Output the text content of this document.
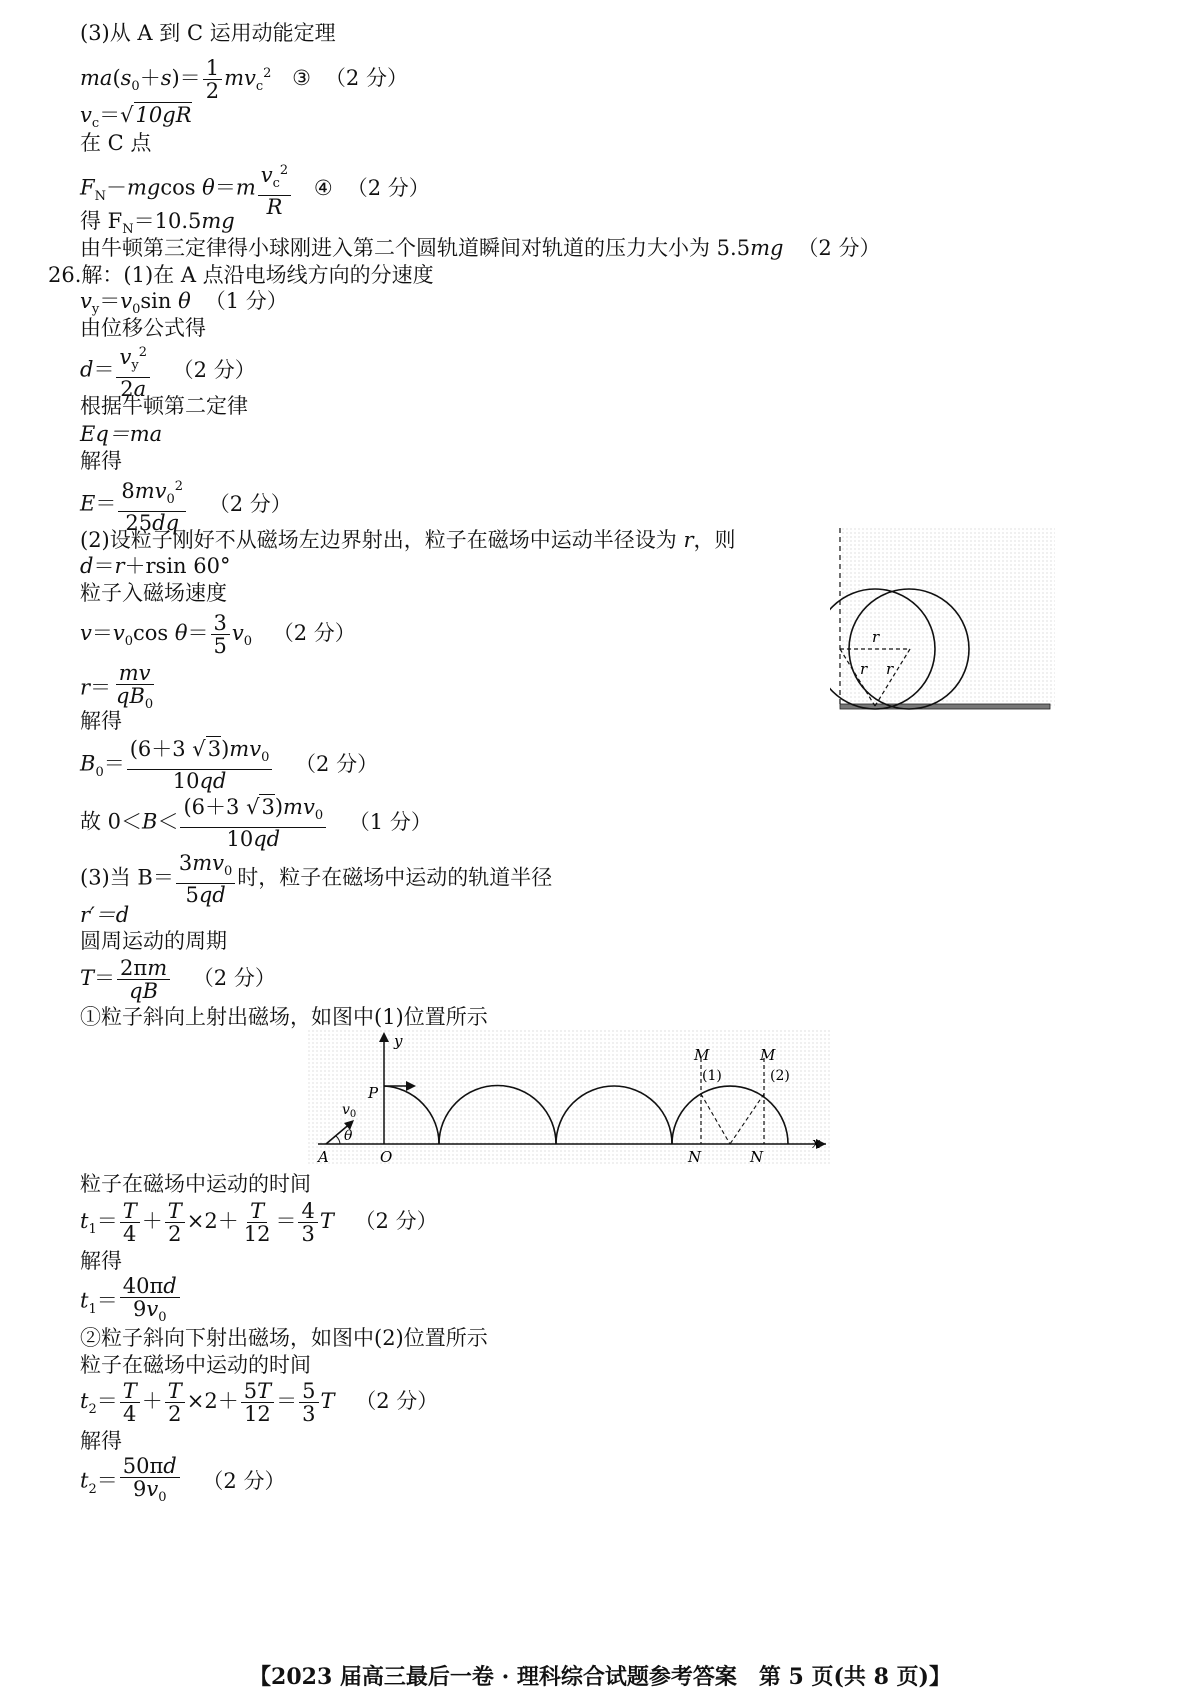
(3)从 A 到 C 运用动能定理
$ma(s_0+s)= \frac{1}{2} mv_c^2$ ③ （2 分）
$v_c=√10gR$
在 C 点
$F_N-mgcos$ $\theta=m \frac{v_c^2}{R}$ ④ （2 分）
得 $F_N=10.5mg$
由牛顿第三定律得小球刚进入第二个圆轨道瞬间对轨道的压力大小为 5.5mg （2 分）
26.解：(1)在 A 点沿电场线方向的分速度
$v_y=v_0\sin$ θ （1 分）
由位移公式得
$d= \frac{v_y^2}{2a} (2$ 分）
根据牛顿第二定律
Eq＝ma
解得
$E= \frac{8mv_0^2}{25dq} (2$ 分）
(2)设粒子刚好不从磁场左边界射出，粒子在磁场中运动半径设为 r，则
d＝r＋rsin 60°
粒子入磁场速度
$v=v_0\cos$ $\theta= \frac{3}{5} v_0$ （2 分）
$r= \frac{mv}{qB_0}$
解得
$B_0= \frac{(6+3 √3)mv_0}{10qd} (2$ 分）
故 $0<B< \frac{(6+3 √3)mv_0}{10qd} (1$ 分）
(3)当 $B= \frac{3mv_0}{5qd}$ 时，粒子在磁场中运动的轨道半径
r′＝d
圆周运动的周期
$T= \frac{2\pi m}{qB} (2$ 分）
①粒子斜向上射出磁场，如图中(1)位置所示
粒子在磁场中运动的时间
$t_1= \frac{T}{4} + \frac{T}{2} \times 2+ \frac{T}{12} = \frac{4}{3}$ T （2 分）
解得
$t_1= \frac{40\pi d}{9v_0}$
②粒子斜向下射出磁场，如图中(2)位置所示
粒子在磁场中运动的时间
$t_2= \frac{T}{4} + \frac{T}{2} \times 2+ \frac{5T}{12} = \frac{5}{3}$ T （2 分）
解得
$t_2= \frac{50\pi d}{9v_0} (2$ 分）
r
r r
y
x
$v_0$
θ
A	O
P
M	M
(1)	(2)
N	N
【2023 届高三最后一卷 · 理科综合试题参考答案　第 5 页(共 8 页)】
